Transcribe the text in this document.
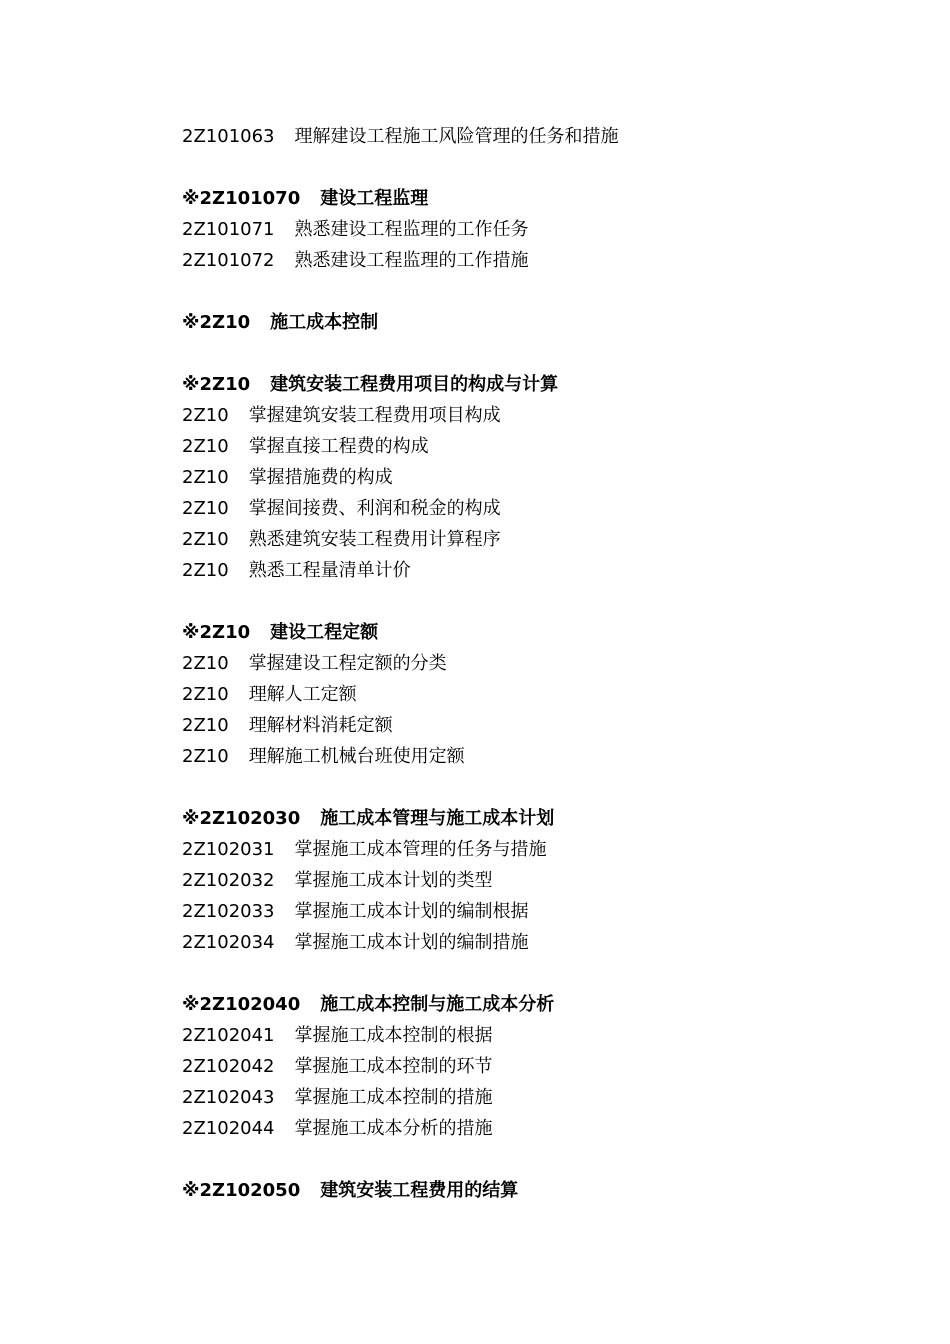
2Z101063 理解建设工程施工风险管理的任务和措施
※2Z101070 建设工程监理
2Z101071 熟悉建设工程监理的工作任务
2Z101072 熟悉建设工程监理的工作措施
※2Z10 施工成本控制
※2Z10 建筑安装工程费用项目的构成与计算
2Z10 掌握建筑安装工程费用项目构成
2Z10 掌握直接工程费的构成
2Z10 掌握措施费的构成
2Z10 掌握间接费、利润和税金的构成
2Z10 熟悉建筑安装工程费用计算程序
2Z10 熟悉工程量清单计价
※2Z10 建设工程定额
2Z10 掌握建设工程定额的分类
2Z10 理解人工定额
2Z10 理解材料消耗定额
2Z10 理解施工机械台班使用定额
※2Z102030 施工成本管理与施工成本计划
2Z102031 掌握施工成本管理的任务与措施
2Z102032 掌握施工成本计划的类型
2Z102033 掌握施工成本计划的编制根据
2Z102034 掌握施工成本计划的编制措施
※2Z102040 施工成本控制与施工成本分析
2Z102041 掌握施工成本控制的根据
2Z102042 掌握施工成本控制的环节
2Z102043 掌握施工成本控制的措施
2Z102044 掌握施工成本分析的措施
※2Z102050 建筑安装工程费用的结算
